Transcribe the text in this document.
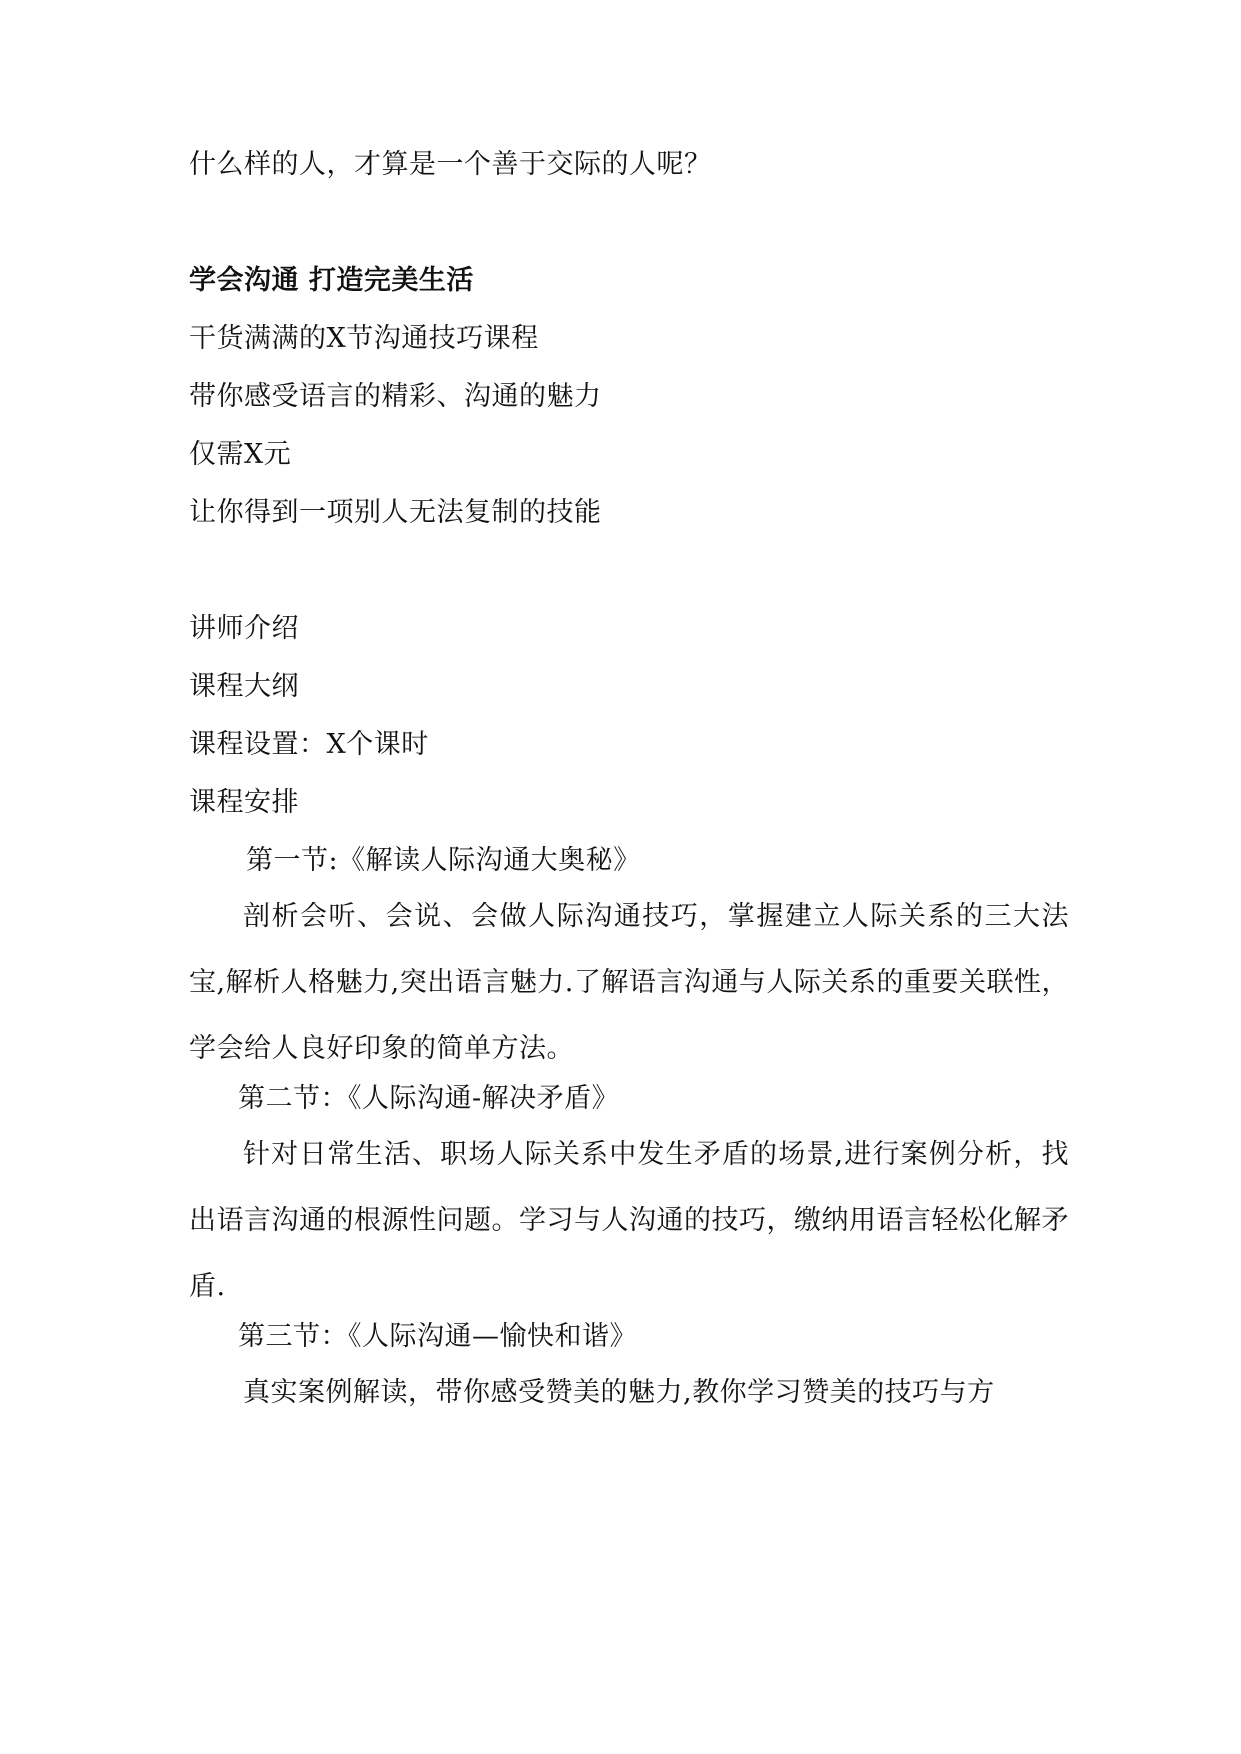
什么样的人，才算是一个善于交际的人呢？

学会沟通 打造完美生活

干货满满的X节沟通技巧课程

带你感受语言的精彩、沟通的魅力

仅需X元

让你得到一项别人无法复制的技能

讲师介绍

课程大纲

课程设置：X个课时

课程安排

第一节:《解读人际沟通大奥秘》

剖析会听、会说、会做人际沟通技巧，掌握建立人际关系的三大法宝,解析人格魅力,突出语言魅力.了解语言沟通与人际关系的重要关联性，学会给人良好印象的简单方法。

第二节：《人际沟通-解决矛盾》

针对日常生活、职场人际关系中发生矛盾的场景,进行案例分析，找出语言沟通的根源性问题。学习与人沟通的技巧，缴纳用语言轻松化解矛盾.

第三节：《人际沟通—愉快和谐》

真实案例解读，带你感受赞美的魅力,教你学习赞美的技巧与方
